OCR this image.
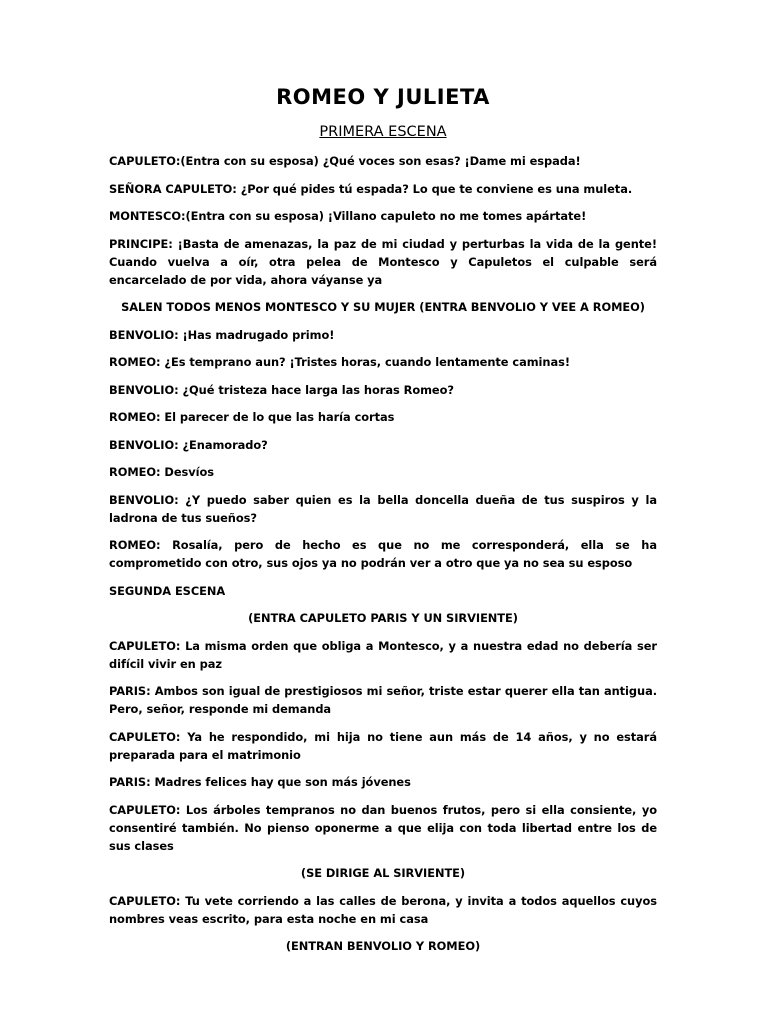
ROMEO Y JULIETA
PRIMERA ESCENA

CAPULETO:(Entra con su esposa) ¿Qué voces son esas? ¡Dame mi espada!

SEÑORA CAPULETO: ¿Por qué pides tú espada? Lo que te conviene es una muleta.

MONTESCO:(Entra con su esposa) ¡Villano capuleto no me tomes apártate!

PRINCIPE: ¡Basta de amenazas, la paz de mi ciudad y perturbas la vida de la gente! Cuando vuelva a oír, otra pelea de Montesco y Capuletos el culpable será encarcelado de por vida, ahora váyanse ya

SALEN TODOS MENOS MONTESCO Y SU MUJER (ENTRA BENVOLIO Y VEE A ROMEO)

BENVOLIO: ¡Has madrugado primo!

ROMEO: ¿Es temprano aun? ¡Tristes horas, cuando lentamente caminas!

BENVOLIO: ¿Qué tristeza hace larga las horas Romeo?

ROMEO: El parecer de lo que las haría cortas

BENVOLIO: ¿Enamorado?

ROMEO: Desvíos

BENVOLIO: ¿Y puedo saber quien es la bella doncella dueña de tus suspiros y la ladrona de tus sueños?

ROMEO: Rosalía, pero de hecho es que no me corresponderá, ella se ha comprometido con otro, sus ojos ya no podrán ver a otro que ya no sea su esposo

SEGUNDA ESCENA

(ENTRA CAPULETO PARIS Y UN SIRVIENTE)

CAPULETO: La misma orden que obliga a Montesco, y a nuestra edad no debería ser difícil vivir en paz

PARIS: Ambos son igual de prestigiosos mi señor, triste estar querer ella tan antigua. Pero, señor, responde mi demanda

CAPULETO: Ya he respondido, mi hija no tiene aun más de 14 años, y no estará preparada para el matrimonio

PARIS: Madres felices hay que son más jóvenes

CAPULETO: Los árboles tempranos no dan buenos frutos, pero si ella consiente, yo consentiré también. No pienso oponerme a que elija con toda libertad entre los de sus clases

(SE DIRIGE AL SIRVIENTE)

CAPULETO: Tu vete corriendo a las calles de berona, y invita a todos aquellos cuyos nombres veas escrito, para esta noche en mi casa

(ENTRAN BENVOLIO Y ROMEO)
